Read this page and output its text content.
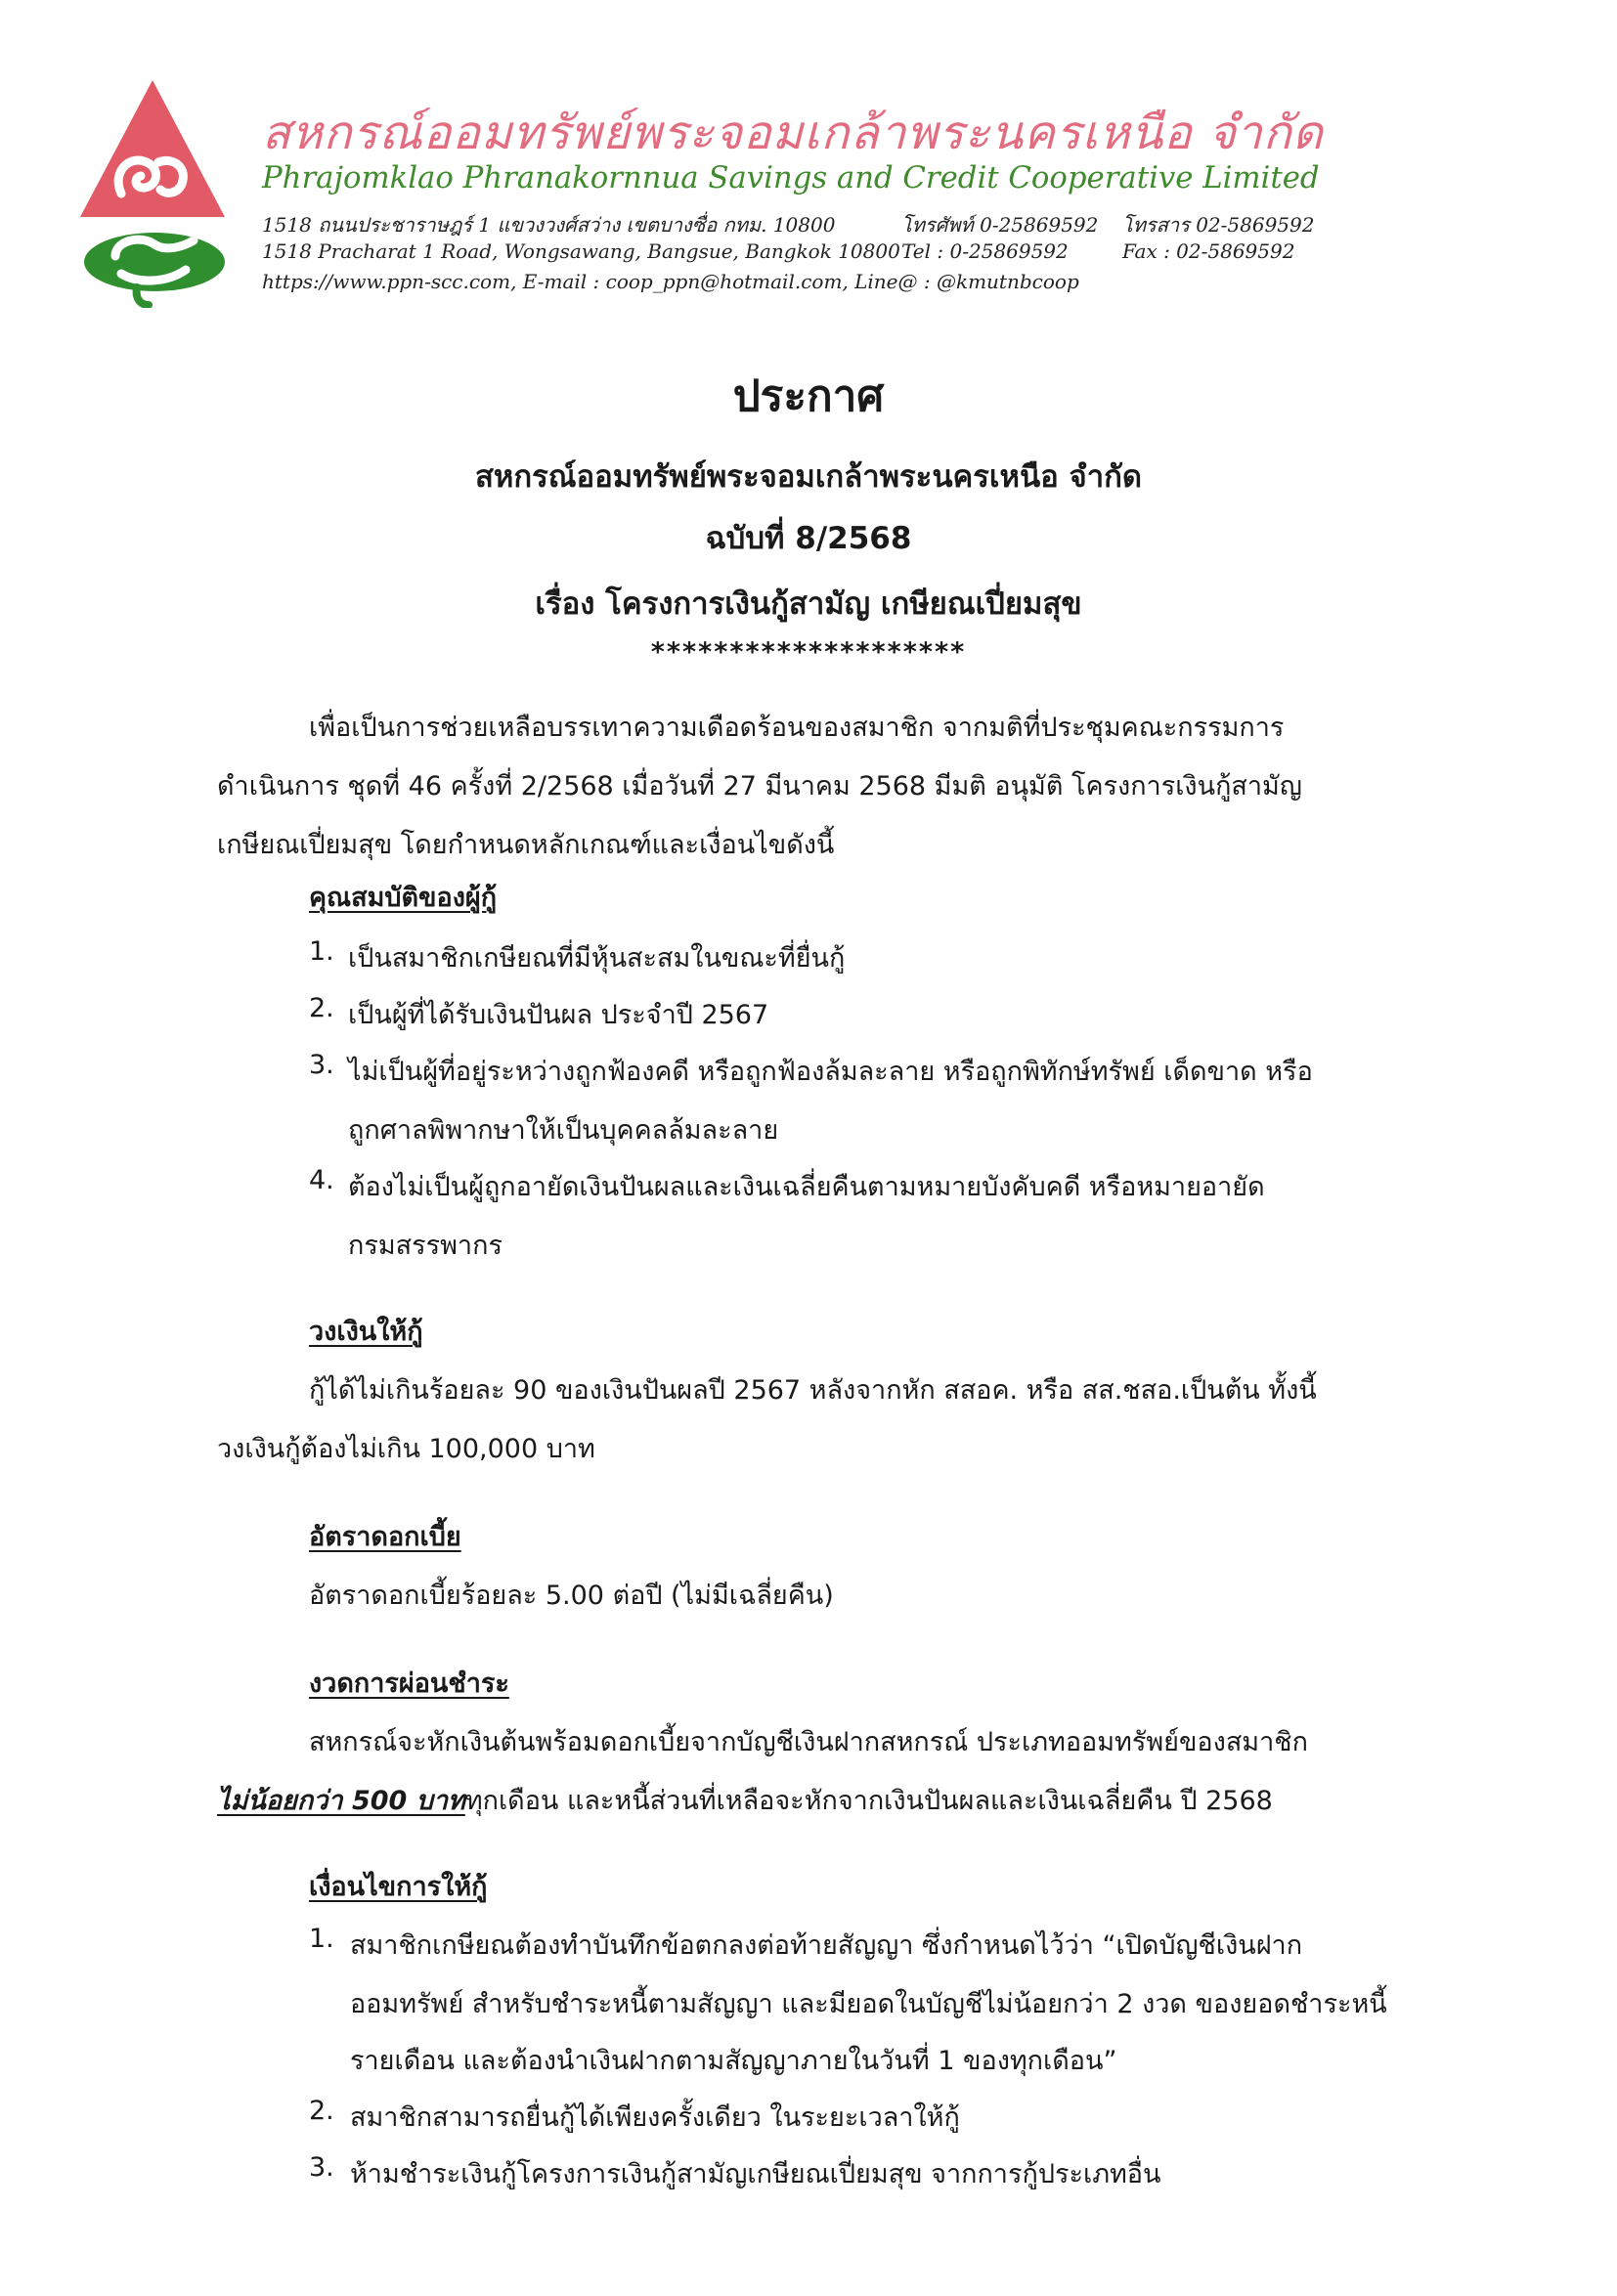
สหกรณ์ออมทรัพย์พระจอมเกล้าพระนครเหนือ จำกัด
Phrajomklao Phranakornnua Savings and Credit Cooperative Limited
1518 ถนนประชาราษฎร์ 1 แขวงวงศ์สว่าง เขตบางซื่อ กทม. 10800
1518 Pracharat 1 Road, Wongsawang, Bangsue, Bangkok 10800
https://www.ppn-scc.com, E-mail : coop_ppn@hotmail.com, Line@ : @kmutnbcoop
โทรศัพท์ 0-25869592 โทรสาร 02-5869592
Tel : 0-25869592	Fax : 02-5869592
ประกาศ
สหกรณ์ออมทรัพย์พระจอมเกล้าพระนครเหนือ จำกัด
ฉบับที่ 8/2568
เรื่อง โครงการเงินกู้สามัญ เกษียณเปี่ยมสุข
********************
เพื่อเป็นการช่วยเหลือบรรเทาความเดือดร้อนของสมาชิก จากมติที่ประชุมคณะกรรมการ
ดำเนินการ ชุดที่ 46 ครั้งที่ 2/2568 เมื่อวันที่ 27 มีนาคม 2568 มีมติ อนุมัติ โครงการเงินกู้สามัญ
เกษียณเปี่ยมสุข โดยกำหนดหลักเกณฑ์และเงื่อนไขดังนี้
คุณสมบัติของผู้กู้
1. เป็นสมาชิกเกษียณที่มีหุ้นสะสมในขณะที่ยื่นกู้
2. เป็นผู้ที่ได้รับเงินปันผล ประจำปี 2567
3. ไม่เป็นผู้ที่อยู่ระหว่างถูกฟ้องคดี หรือถูกฟ้องล้มละลาย หรือถูกพิทักษ์ทรัพย์ เด็ดขาด หรือ
ถูกศาลพิพากษาให้เป็นบุคคลล้มละลาย
4. ต้องไม่เป็นผู้ถูกอายัดเงินปันผลและเงินเฉลี่ยคืนตามหมายบังคับคดี หรือหมายอายัด
กรมสรรพากร
วงเงินให้กู้
กู้ได้ไม่เกินร้อยละ 90 ของเงินปันผลปี 2567 หลังจากหัก สสอค. หรือ สส.ชสอ.เป็นต้น ทั้งนี้
วงเงินกู้ต้องไม่เกิน 100,000 บาท
อัตราดอกเบี้ย
อัตราดอกเบี้ยร้อยละ 5.00 ต่อปี (ไม่มีเฉลี่ยคืน)
งวดการผ่อนชำระ
สหกรณ์จะหักเงินต้นพร้อมดอกเบี้ยจากบัญชีเงินฝากสหกรณ์ ประเภทออมทรัพย์ของสมาชิก
ไม่น้อยกว่า 500 บาททุกเดือน และหนี้ส่วนที่เหลือจะหักจากเงินปันผลและเงินเฉลี่ยคืน ปี 2568
เงื่อนไขการให้กู้
1. สมาชิกเกษียณต้องทำบันทึกข้อตกลงต่อท้ายสัญญา ซึ่งกำหนดไว้ว่า “เปิดบัญชีเงินฝาก
ออมทรัพย์ สำหรับชำระหนี้ตามสัญญา และมียอดในบัญชีไม่น้อยกว่า 2 งวด ของยอดชำระหนี้
รายเดือน และต้องนำเงินฝากตามสัญญาภายในวันที่ 1 ของทุกเดือน”
2. สมาชิกสามารถยื่นกู้ได้เพียงครั้งเดียว ในระยะเวลาให้กู้
3. ห้ามชำระเงินกู้โครงการเงินกู้สามัญเกษียณเปี่ยมสุข จากการกู้ประเภทอื่น
